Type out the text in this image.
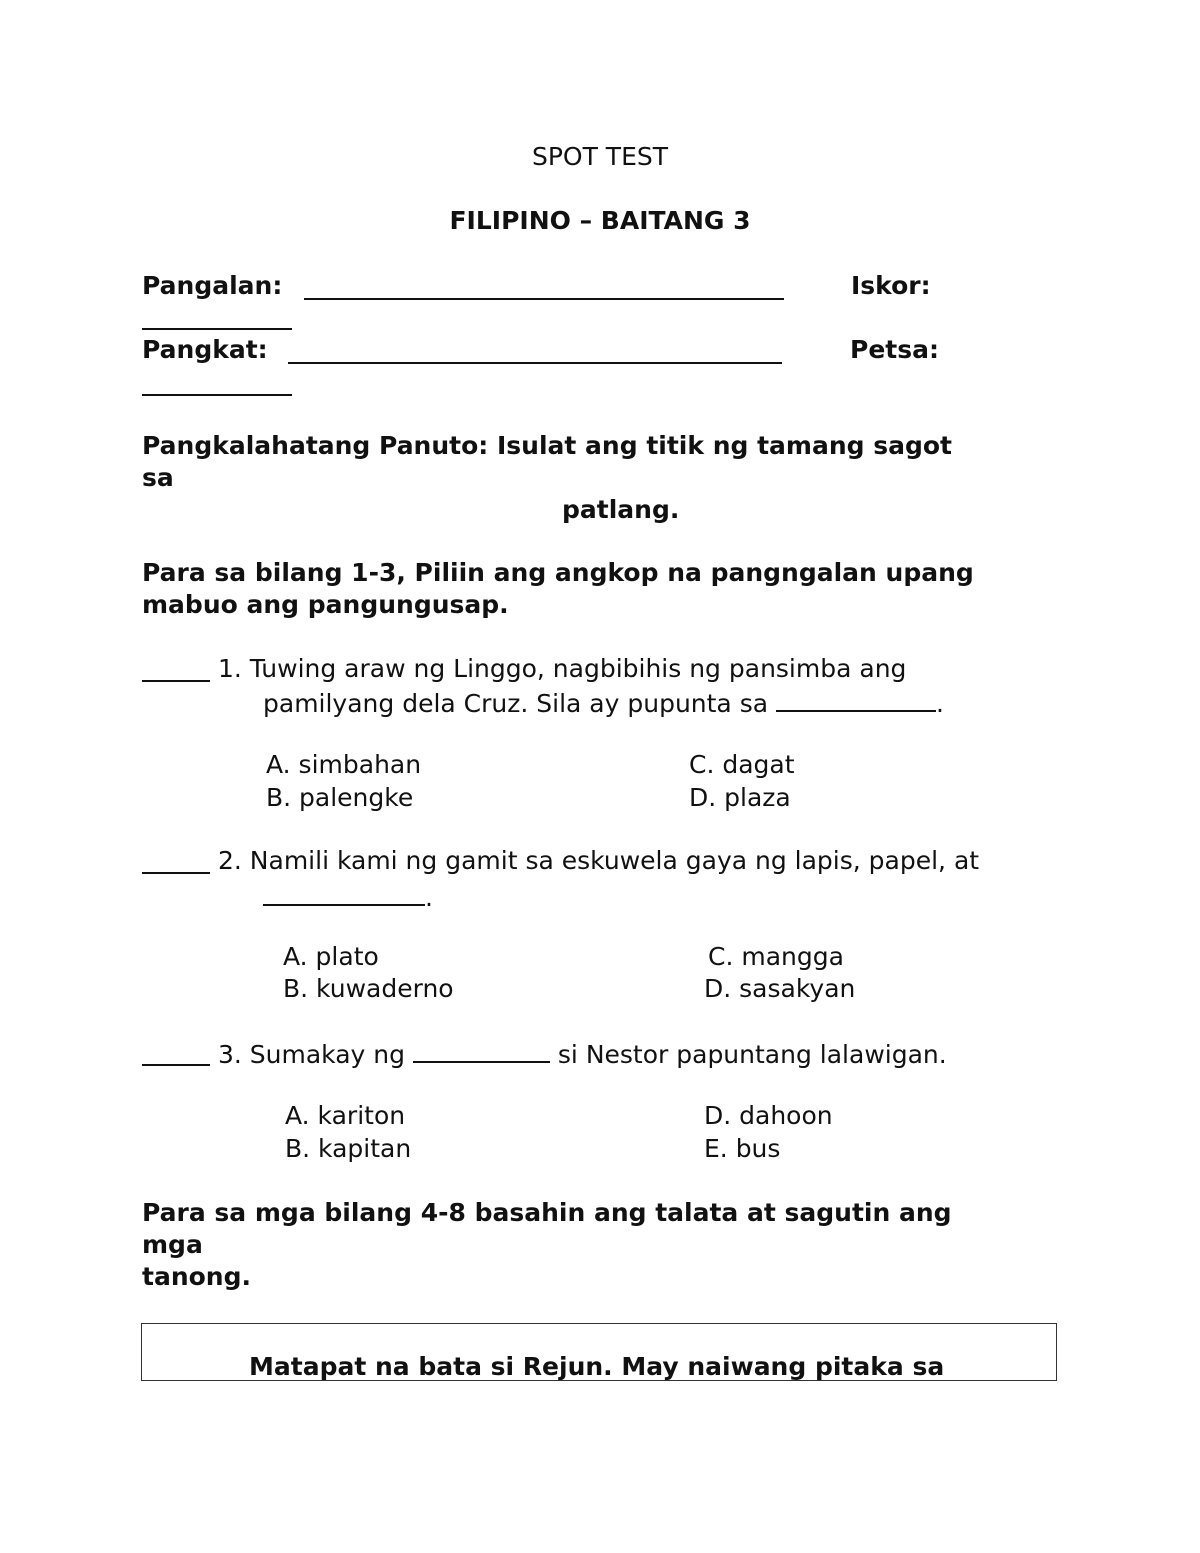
SPOT TEST
FILIPINO – BAITANG 3
Pangalan:	Iskor:
Pangkat:	Petsa:
Pangkalahatang Panuto: Isulat ang titik ng tamang sagot
sa
patlang.
Para sa bilang 1-3, Piliin ang angkop na pangngalan upang
mabuo ang pangungusap.
1. Tuwing araw ng Linggo, nagbibihis ng pansimba ang
pamilyang dela Cruz. Sila ay pupunta sa	.
A. simbahan
B. palengke
C. dagat
D. plaza
2. Namili kami ng gamit sa eskuwela gaya ng lapis, papel, at
.
A. plato
B. kuwaderno
C. mangga
D. sasakyan
3. Sumakay ng	si Nestor papuntang lalawigan.
A. kariton
B. kapitan
D. dahoon
E. bus
Para sa mga bilang 4-8 basahin ang talata at sagutin ang
mga
tanong.
Matapat na bata si Rejun. May naiwang pitaka sa
